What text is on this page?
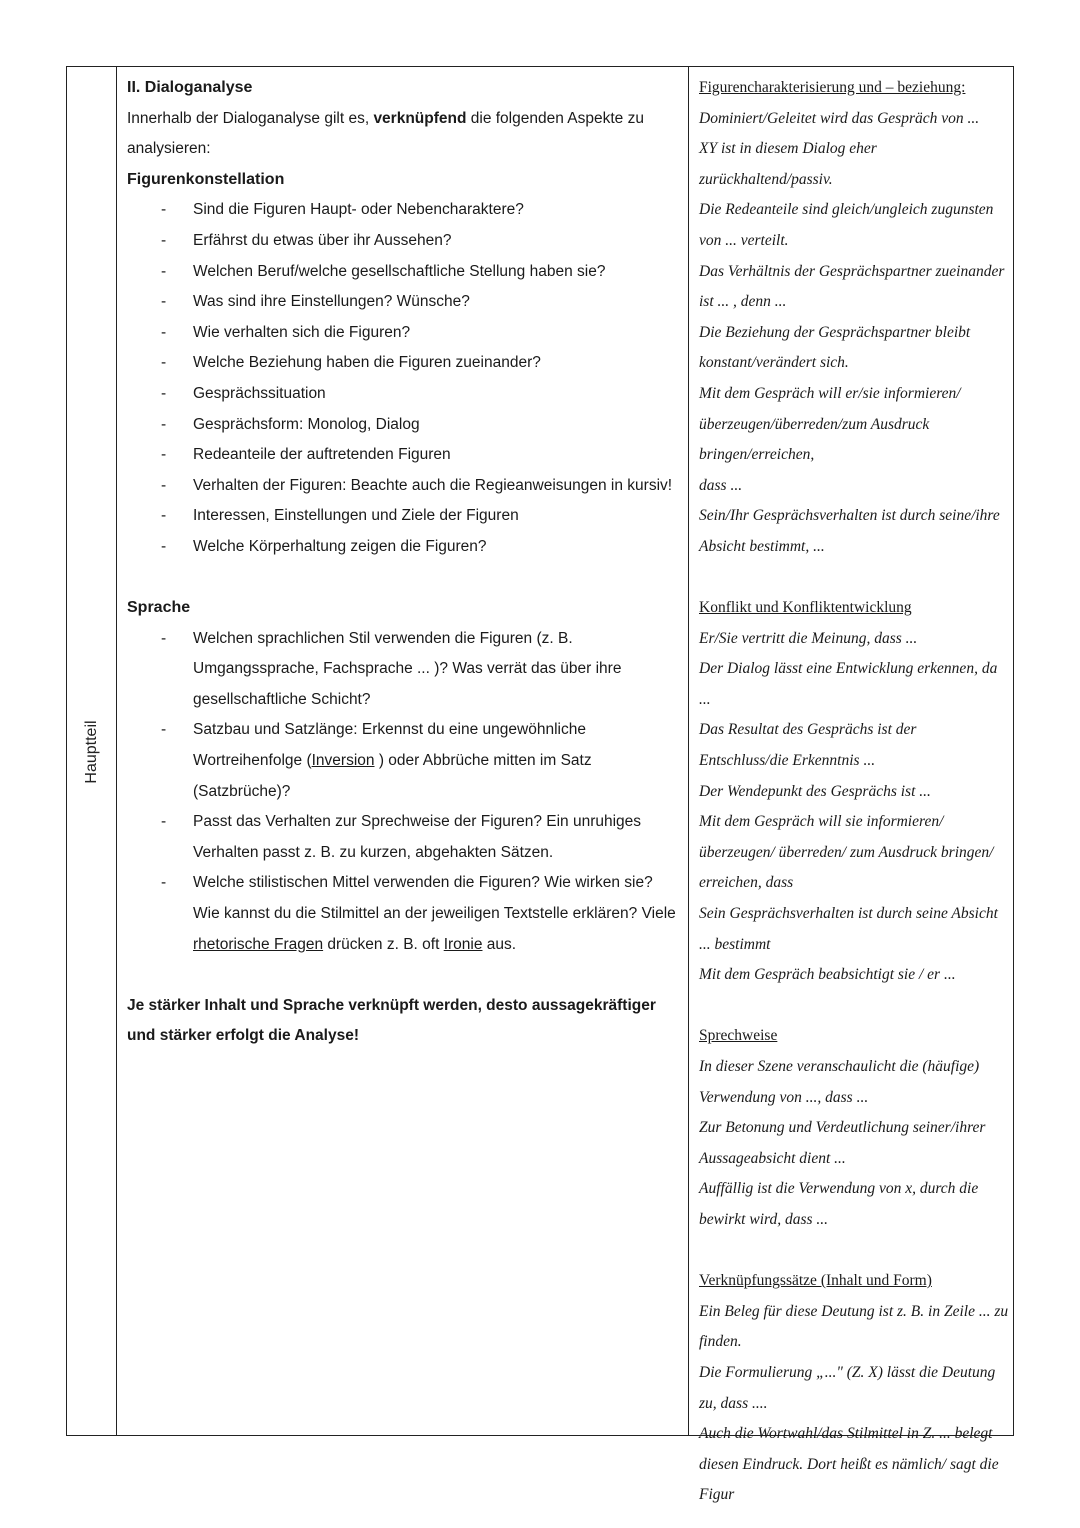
Hauptteil
II. Dialoganalyse
Innerhalb der Dialoganalyse gilt es, verknüpfend die folgenden Aspekte zu analysieren:
Figurenkonstellation
- Sind die Figuren Haupt- oder Nebencharaktere?
- Erfährst du etwas über ihr Aussehen?
- Welchen Beruf/welche gesellschaftliche Stellung haben sie?
- Was sind ihre Einstellungen? Wünsche?
- Wie verhalten sich die Figuren?
- Welche Beziehung haben die Figuren zueinander?
- Gesprächssituation
- Gesprächsform: Monolog, Dialog
- Redeanteile der auftretenden Figuren
- Verhalten der Figuren: Beachte auch die Regieanweisungen in kursiv!
- Interessen, Einstellungen und Ziele der Figuren
- Welche Körperhaltung zeigen die Figuren?
Sprache
- Welchen sprachlichen Stil verwenden die Figuren (z. B. Umgangssprache, Fachsprache ... )? Was verrät das über ihre gesellschaftliche Schicht?
- Satzbau und Satzlänge: Erkennst du eine ungewöhnliche Wortreihenfolge (Inversion ) oder Abbrüche mitten im Satz (Satzbrüche)?
- Passt das Verhalten zur Sprechweise der Figuren? Ein unruhiges Verhalten passt z. B. zu kurzen, abgehakten Sätzen.
- Welche stilistischen Mittel verwenden die Figuren? Wie wirken sie? Wie kannst du die Stilmittel an der jeweiligen Textstelle erklären? Viele rhetorische Fragen drücken z. B. oft Ironie aus.
Je stärker Inhalt und Sprache verknüpft werden, desto aussagekräftiger und stärker erfolgt die Analyse!
Figurencharakterisierung und – beziehung:
Dominiert/Geleitet wird das Gespräch von ...
XY ist in diesem Dialog eher zurückhaltend/passiv.
Die Redeanteile sind gleich/ungleich zugunsten von ... verteilt.
Das Verhältnis der Gesprächspartner zueinander ist ... , denn ...
Die Beziehung der Gesprächspartner bleibt konstant/verändert sich.
Mit dem Gespräch will er/sie informieren/überzeugen/überreden/zum Ausdruck bringen/erreichen,
dass ...
Sein/Ihr Gesprächsverhalten ist durch seine/ihre Absicht bestimmt, ...
Konflikt und Konfliktentwicklung
Er/Sie vertritt die Meinung, dass ...
Der Dialog lässt eine Entwicklung erkennen, da ...
Das Resultat des Gesprächs ist der Entschluss/die Erkenntnis ...
Der Wendepunkt des Gesprächs ist ...
Mit dem Gespräch will sie informieren/ überzeugen/ überreden/ zum Ausdruck bringen/ erreichen, dass
Sein Gesprächsverhalten ist durch seine Absicht ... bestimmt
Mit dem Gespräch beabsichtigt sie / er ...
Sprechweise
In dieser Szene veranschaulicht die (häufige) Verwendung von ..., dass ...
Zur Betonung und Verdeutlichung seiner/ihrer Aussageabsicht dient ...
Auffällig ist die Verwendung von x, durch die bewirkt wird, dass ...
Verknüpfungssätze (Inhalt und Form)
Ein Beleg für diese Deutung ist z. B. in Zeile ... zu finden.
Die Formulierung „..." (Z. X) lässt die Deutung zu, dass ....
Auch die Wortwahl/das Stilmittel in Z. ... belegt diesen Eindruck. Dort heißt es nämlich/ sagt die Figur
